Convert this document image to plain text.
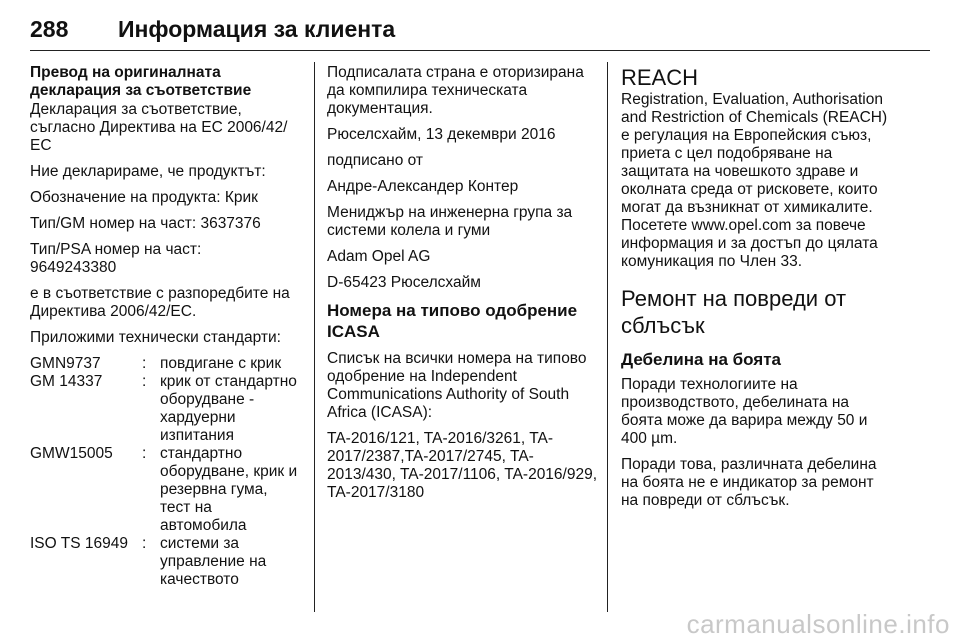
288 Информация за клиента

Превод на оригиналната декларация за съответствие

Декларация за съответствие, съгласно Директива на ЕС 2006/42/ЕС

Ние декларираме, че продуктът:

Обозначение на продукта: Крик

Тип/GM номер на част: 3637376

Тип/PSA номер на част:

9649243380

е в съответствие с разпоредбите на Директива 2006/42/ЕС.

Приложими технически стандарти:

GMN9737	: повдигане с крик
GM 14337	: крик от стандартно оборудване - хардуерни изпитания
GMW15005	: стандартно оборудване, крик и резервна гума, тест на автомобила
ISO TS 16949 : системи за управление на качеството

Подписалата страна е оторизирана да компилира техническата документация.

Рюселсхайм, 13 декември 2016

подписано от

Андре-Александер Контер

Мениджър на инженерна група за системи колела и гуми

Adam Opel AG

D-65423 Рюселсхайм

Номера на типово одобрение ICASA

Списък на всички номера на типово одобрение на Independent Communications Authority of South Africa (ICASA):

TA-2016/121, TA-2016/3261, TA-2017/2387,TA-2017/2745, TA-2013/430, TA-2017/1106, TA-2016/929, TA-2017/3180

REACH

Registration, Evaluation, Authorisation and Restriction of Chemicals (REACH) е регулация на Европейския съюз, приета с цел подобряване на защитата на човешкото здраве и околната среда от рисковете, които могат да възникнат от химикалите.

Посетете www.opel.com за повече информация и за достъп до цялата комуникация по Член 33.

Ремонт на повреди от сблъсък

Дебелина на боята

Поради технологиите на производството, дебелината на боята може да варира между 50 и 400 µm.

Поради това, различната дебелина на боята не е индикатор за ремонт на повреди от сблъсък.

carmanualsonline.info
